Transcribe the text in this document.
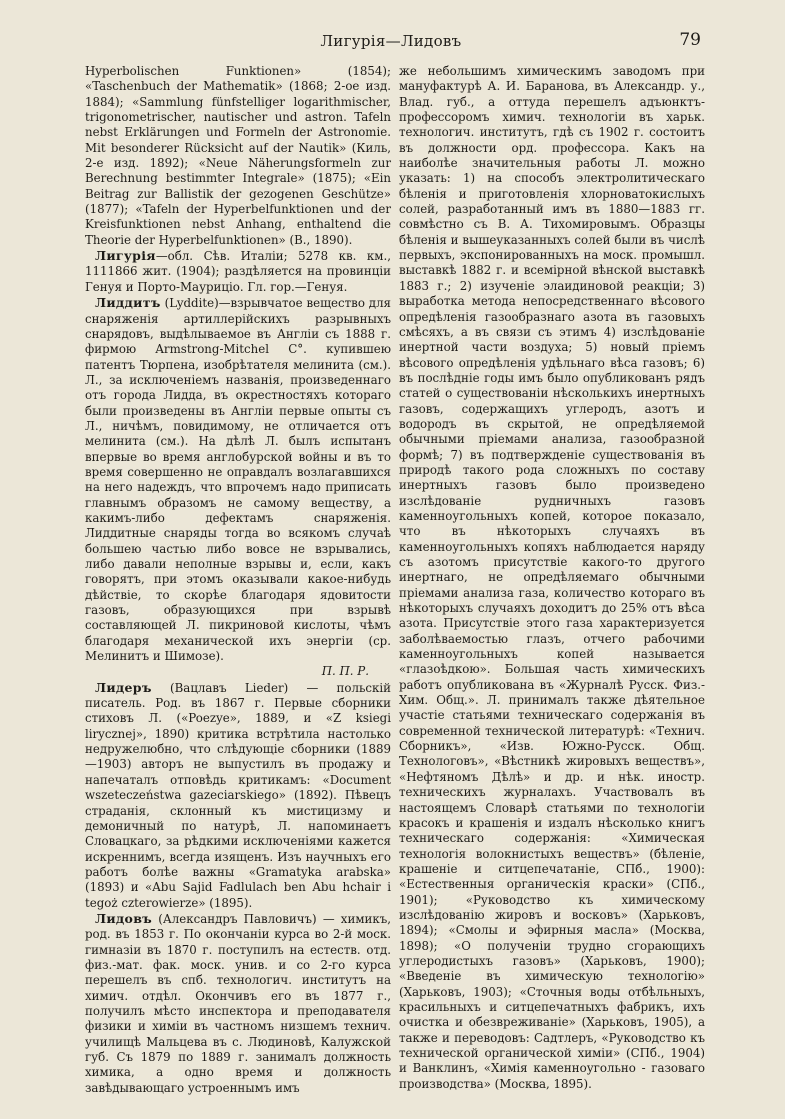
Лигурія—Лидовъ	79

Hyperbolischen Funktionen» (1854); «Taschenbuch der Mathematik» (1868; 2-ое изд. 1884); «Sammlung fünfstelliger logarithmischer, trigonometrischer, nautischer und astron. Tafeln nebst Erklärungen und Formeln der Astronomie. Mit besonderer Rücksicht auf der Nautik» (Киль, 2-е изд. 1892); «Neue Näherungsformeln zur Berechnung bestimmter Integrale» (1875); «Ein Beitrag zur Ballistik der gezogenen Geschütze» (1877); «Tafeln der Hyperbelfunktionen und der Kreisfunktionen nebst Anhang, enthaltend die Theorie der Hyperbelfunktionen» (B., 1890).

Лигурія—обл. Сѣв. Италіи; 5278 кв. км., 1111866 жит. (1904); раздѣляется на провинціи Генуя и Порто-Мауриціо. Гл. гор.—Генуя.

Лиддитъ (Lyddite)—взрывчатое вещество для снаряженія артиллерійскихъ разрывныхъ снарядовъ, выдѣлываемое въ Англіи съ 1888 г. фирмою Armstrong-Mitchel C°. купившею патентъ Тюрпена, изобрѣтателя мелинита (см.). Л., за исключеніемъ названія, произведеннаго отъ города Лидда, въ окрестностяхъ котораго были произведены въ Англіи первые опыты съ Л., ничѣмъ, повидимому, не отличается отъ мелинита (см.). На дѣлѣ Л. былъ испытанъ впервые во время англобурской войны и въ то время совершенно не оправдалъ возлагавшихся на него надеждъ, что впрочемъ надо приписать главнымъ образомъ не самому веществу, а какимъ-либо дефектамъ снаряженія. Лиддитные снаряды тогда во всякомъ случаѣ большею частью либо вовсе не взрывались, либо давали неполные взрывы и, если, какъ говорятъ, при этомъ оказывали какое-нибудь дѣйствіе, то скорѣе благодаря ядовитости газовъ, образующихся при взрывѣ составляющей Л. пикриновой кислоты, чѣмъ благодаря механической ихъ энергіи (ср. Мелинитъ и Шимозе).

П. П. Р.

Лидеръ (Вацлавъ Lieder) — польскій писатель. Род. въ 1867 г. Первые сборники стиховъ Л. («Poezye», 1889, и «Z ksiegi lirycznej», 1890) критика встрѣтила настолько недружелюбно, что слѣдующіе сборники (1889—1903) авторъ не выпустилъ въ продажу и напечаталъ отповѣдь критикамъ: «Document wszeteczeństwa gazeciarskiego» (1892). Пѣвецъ страданія, склонный къ мистицизму и демоничный по натурѣ, Л. напоминаетъ Словацкаго, за рѣдкими исключеніями кажется искреннимъ, всегда изященъ. Изъ научныхъ его работъ болѣе важны «Gramatyka arabska» (1893) и «Abu Sajid Fadlulach ben Abu hchair i tegoż czterowierze» (1895).

Лидовъ (Александръ Павловичъ) — химикъ, род. въ 1853 г. По окончаніи курса во 2-й моск. гимназіи въ 1870 г. поступилъ на естеств. отд. физ.-мат. фак. моск. унив. и со 2-го курса перешелъ въ спб. технологич. институтъ на химич. отдѣл. Окончивъ его въ 1877 г., получилъ мѣсто инспектора и преподавателя физики и химіи въ частномъ низшемъ технич. училищѣ Мальцева въ с. Людиновѣ, Калужской губ. Съ 1879 по 1889 г. занималъ должность химика, а одно время и должность завѣдывающаго устроеннымъ имъ

же небольшимъ химическимъ заводомъ при мануфактурѣ А. И. Баранова, въ Александр. у., Влад. губ., а оттуда перешелъ адъюнктъ-профессоромъ химич. технологіи въ харьк. технологич. институтъ, гдѣ съ 1902 г. состоитъ въ должности орд. профессора. Какъ на наиболѣе значительныя работы Л. можно указать: 1) на способъ электролитическаго бѣленія и приготовленія хлорноватокислыхъ солей, разработанный имъ въ 1880—1883 гг. совмѣстно съ В. А. Тихомировымъ. Образцы бѣленія и вышеуказанныхъ солей были въ числѣ первыхъ, экспонированныхъ на моск. промышл. выставкѣ 1882 г. и всемірной вѣнской выставкѣ 1883 г.; 2) изученіе элаидиновой реакціи; 3) выработка метода непосредственнаго вѣсового опредѣленія газообразнаго азота въ газовыхъ смѣсяхъ, а въ связи съ этимъ 4) изслѣдованіе инертной части воздуха; 5) новый пріемъ вѣсового опредѣленія удѣльнаго вѣса газовъ; 6) въ послѣдніе годы имъ было опубликованъ рядъ статей о существованіи нѣсколькихъ инертныхъ газовъ, содержащихъ углеродъ, азотъ и водородъ въ скрытой, не опредѣляемой обычными пріемами анализа, газообразной формѣ; 7) въ подтвержденіе существованія въ природѣ такого рода сложныхъ по составу инертныхъ газовъ было произведено изслѣдованіе рудничныхъ газовъ каменноугольныхъ копей, которое показало, что въ нѣкоторыхъ случаяхъ въ каменноугольныхъ копяхъ наблюдается наряду съ азотомъ присутствіе какого-то другого инертнаго, не опредѣляемаго обычными пріемами анализа газа, количество котораго въ нѣкоторыхъ случаяхъ доходитъ до 25% отъ вѣса азота. Присутствіе этого газа характеризуется заболѣваемостью глазъ, отчего рабочими каменноугольныхъ копей называется «глазоѣдкою». Большая часть химическихъ работъ опубликована въ «Журналѣ Русск. Физ.-Хим. Общ.». Л. принималъ также дѣятельное участіе статьями техническаго содержанія въ современной технической литературѣ: «Технич. Сборникъ», «Изв. Южно-Русск. Общ. Технологовъ», «Вѣстникѣ жировыхъ веществъ», «Нефтяномъ Дѣлѣ» и др. и нѣк. иностр. техническихъ журналахъ. Участвовалъ въ настоящемъ Словарѣ статьями по технологіи красокъ и крашенія и издалъ нѣсколько книгъ техническаго содержанія: «Химическая технологія волокнистыхъ веществъ» (бѣленіе, крашеніе и ситцепечатаніе, СПб., 1900): «Естественныя органическія краски» (СПб., 1901); «Руководство къ химическому изслѣдованію жировъ и восковъ» (Харьковъ, 1894); «Смолы и эфирныя масла» (Москва, 1898); «О полученіи трудно сгорающихъ углеродистыхъ газовъ» (Харьковъ, 1900); «Введеніе въ химическую технологію» (Харьковъ, 1903); «Сточныя воды отбѣльныхъ, красильныхъ и ситцепечатныхъ фабрикъ, ихъ очистка и обезвреживаніе» (Харьковъ, 1905), а также и переводовъ: Садтлеръ, «Руководство къ технической органической химіи» (СПб., 1904) и Ванклинъ, «Химія каменноугольно - газоваго производства» (Москва, 1895).
